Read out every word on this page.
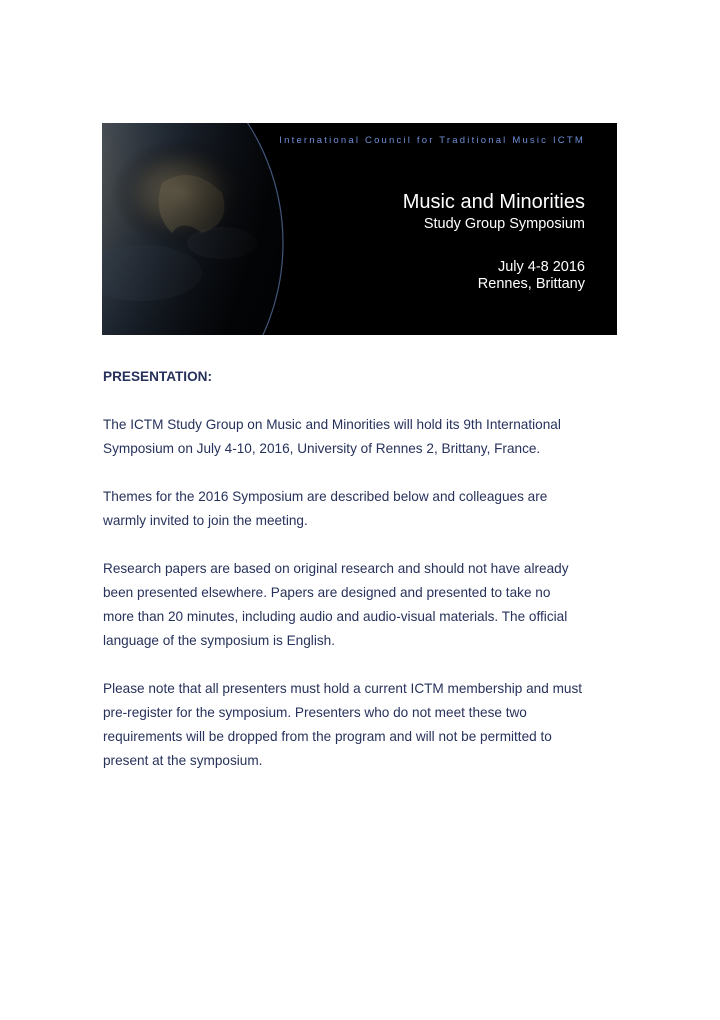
International Council for Traditional Music ICTM
Music and Minorities
Study Group Symposium
July 4-8 2016
Rennes, Brittany
PRESENTATION:
The ICTM Study Group on Music and Minorities will hold its 9th International
Symposium on July 4-10, 2016, University of Rennes 2, Brittany, France.
Themes for the 2016 Symposium are described below and colleagues are
warmly invited to join the meeting.
Research papers are based on original research and should not have already
been presented elsewhere. Papers are designed and presented to take no
more than 20 minutes, including audio and audio-visual materials. The official
language of the symposium is English.
Please note that all presenters must hold a current ICTM membership and must
pre-register for the symposium. Presenters who do not meet these two
requirements will be dropped from the program and will not be permitted to
present at the symposium.
